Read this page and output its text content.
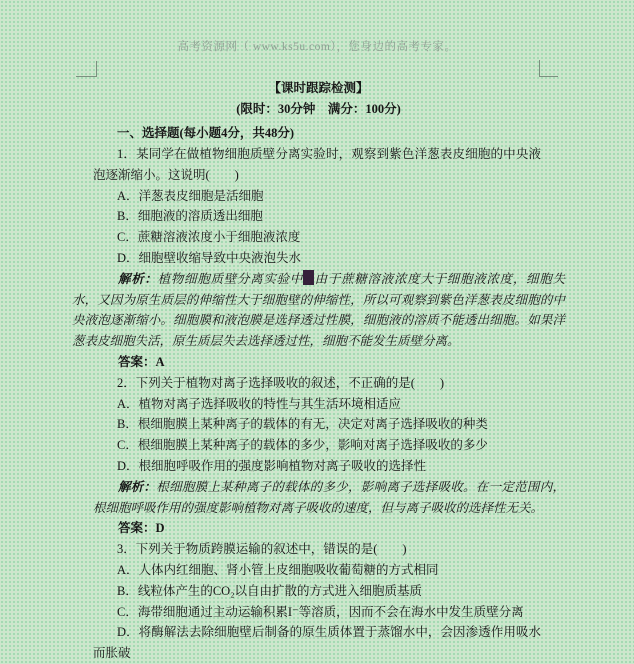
高考资源网（ www.ks5u.com），您身边的高考专家。

【课时跟踪检测】

(限时：30分钟　满分：100分)

一、选择题(每小题4分，共48分)

1．某同学在做植物细胞质壁分离实验时，观察到紫色洋葱表皮细胞的中央液泡逐渐缩小。这说明(　　)

A．洋葱表皮细胞是活细胞

B．细胞液的溶质透出细胞

C．蔗糖溶液浓度小于细胞液浓度

D．细胞壁收缩导致中央液泡失水

解析：植物细胞质壁分离实验中 由于蔗糖溶液浓度大于细胞液浓度，细胞失水，又因为原生质层的伸缩性大于细胞壁的伸缩性，所以可观察到紫色洋葱表皮细胞的中央液泡逐渐缩小。细胞膜和液泡膜是选择透过性膜，细胞液的溶质不能透出细胞。如果洋葱表皮细胞失活，原生质层失去选择透过性，细胞不能发生质壁分离。

答案：A

2．下列关于植物对离子选择吸收的叙述，不正确的是(　　)

A．植物对离子选择吸收的特性与其生活环境相适应

B．根细胞膜上某种离子的载体的有无，决定对离子选择吸收的种类

C．根细胞膜上某种离子的载体的多少，影响对离子选择吸收的多少

D．根细胞呼吸作用的强度影响植物对离子吸收的选择性

解析：根细胞膜上某种离子的载体的多少，影响离子选择吸收。在一定范围内，根细胞呼吸作用的强度影响植物对离子吸收的速度，但与离子吸收的选择性无关。

答案：D

3．下列关于物质跨膜运输的叙述中，错误的是(　　)

A．人体内红细胞、肾小管上皮细胞吸收葡萄糖的方式相同

B．线粒体产生的CO₂以自由扩散的方式进入细胞质基质

C．海带细胞通过主动运输积累I⁻等溶质，因而不会在海水中发生质壁分离

D．将酶解法去除细胞壁后制备的原生质体置于蒸馏水中，会因渗透作用吸水而胀破
